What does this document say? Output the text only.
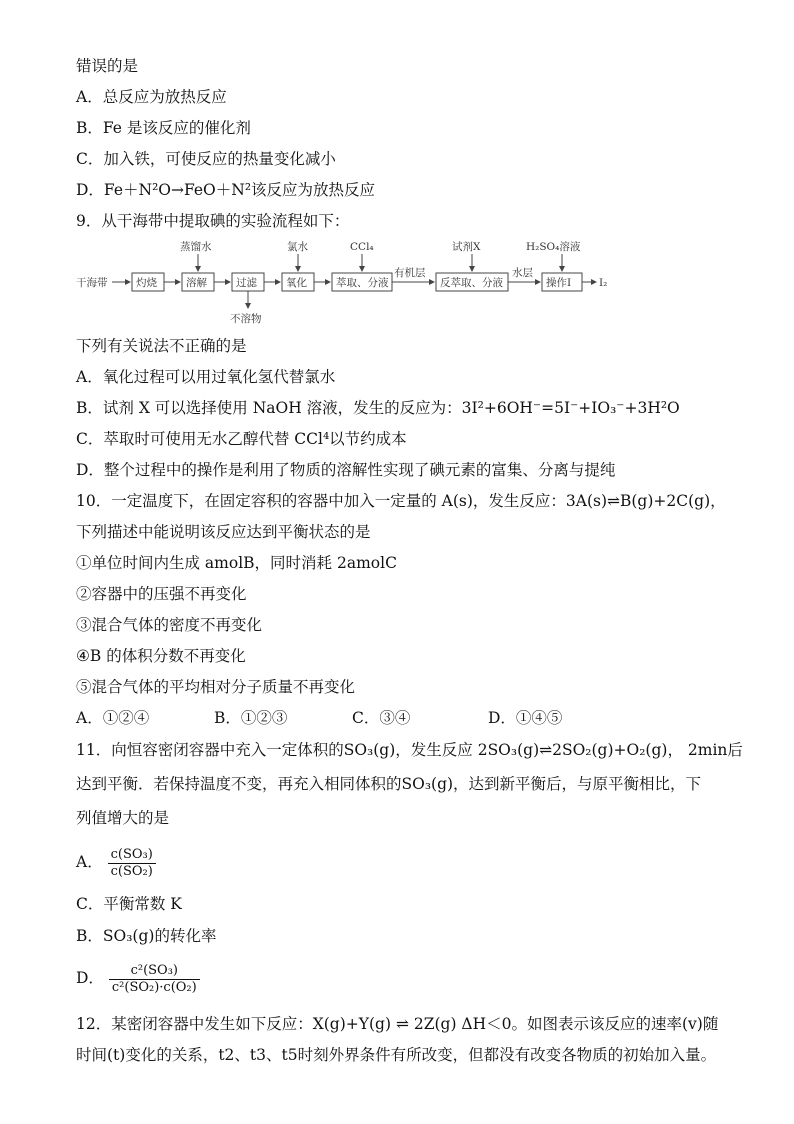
错误的是
A．总反应为放热反应
B．Fe 是该反应的催化剂
C．加入铁，可使反应的热量变化减小
D．Fe＋N²O→FeO＋N²该反应为放热反应
9．从干海带中提取碘的实验流程如下：
干海带	灼烧	溶解
蒸馏水
过滤
不溶物
氧化
氯水
萃取、分液
CCl₄
有机层
反萃取、分液
试剂X
水层
操作I
H₂SO₄溶液
I₂
下列有关说法不正确的是
A．氧化过程可以用过氧化氢代替氯水
B．试剂 X 可以选择使用 NaOH 溶液，发生的反应为：3I²+6OH⁻=5I⁻+IO₃⁻+3H²O
C．萃取时可使用无水乙醇代替 CCl⁴以节约成本
D．整个过程中的操作是利用了物质的溶解性实现了碘元素的富集、分离与提纯
10．一定温度下，在固定容积的容器中加入一定量的 A(s)，发生反应：3A(s)⇌B(g)+2C(g)，
下列描述中能说明该反应达到平衡状态的是
①单位时间内生成 amolB，同时消耗 2amolC
②容器中的压强不再变化
③混合气体的密度不再变化
④B 的体积分数不再变化
⑤混合气体的平均相对分子质量不再变化
A．①②④	B．①②③	C．③④	D．①④⑤
11．向恒容密闭容器中充入一定体积的SO₃(g)，发生反应 2SO₃(g)⇌2SO₂(g)+O₂(g)， 2min后
达到平衡．若保持温度不变，再充入相同体积的SO₃(g)，达到新平衡后，与原平衡相比，下
列值增大的是
A． $\frac{\text{c(SO₃)}}{\text{c(SO₂)}}$
C．平衡常数 K
B．SO₃(g)的转化率
D． $\frac{\text{c²(SO₃)}}{\text{c²(SO₂)·c(O₂)}}$
12．某密闭容器中发生如下反应：X(g)+Y(g) ⇌ 2Z(g) ΔH＜0。如图表示该反应的速率(v)随
时间(t)变化的关系，t2、t3、t5时刻外界条件有所改变，但都没有改变各物质的初始加入量。
